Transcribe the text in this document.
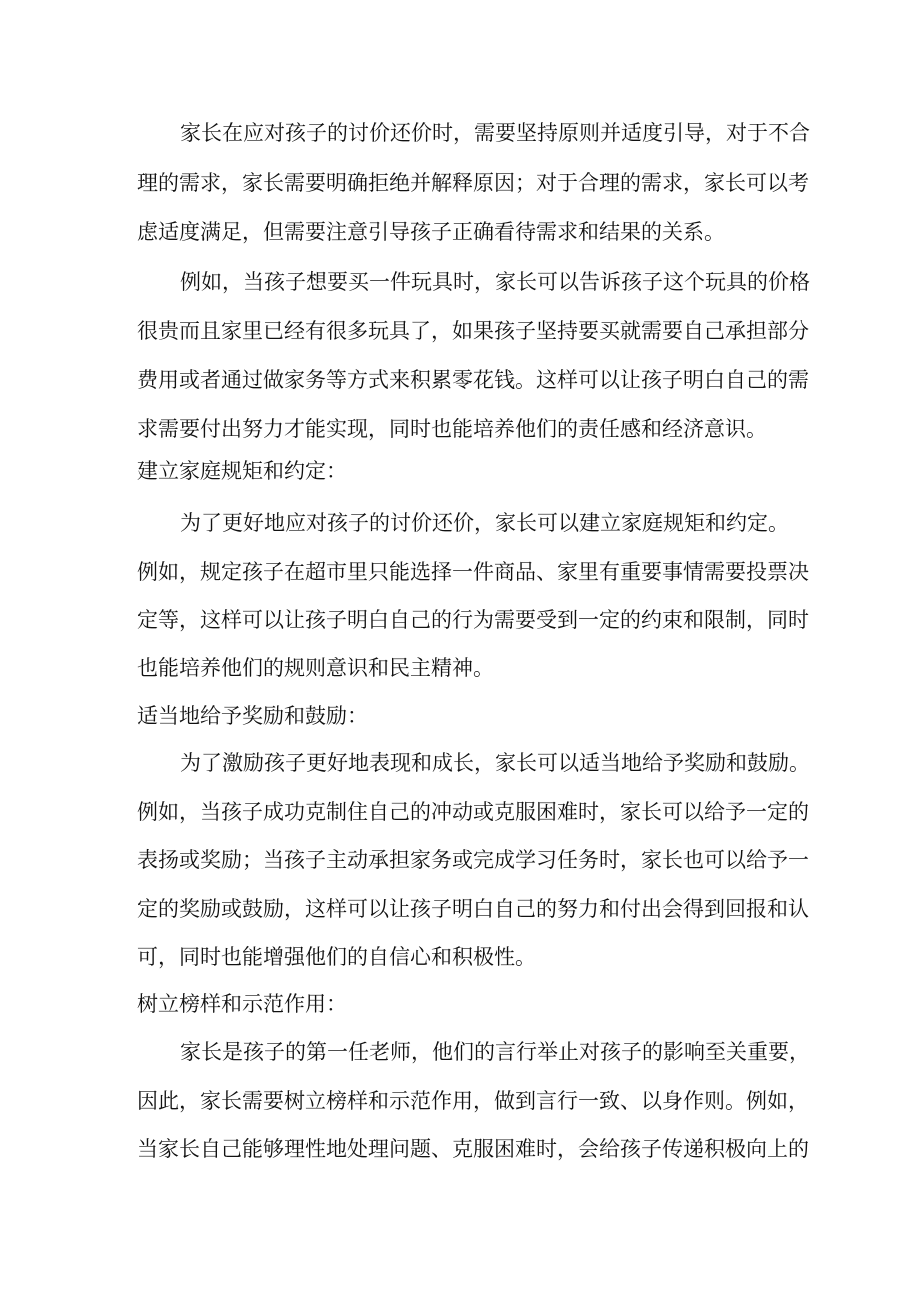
家长在应对孩子的讨价还价时，需要坚持原则并适度引导，对于不合
理的需求，家长需要明确拒绝并解释原因；对于合理的需求，家长可以考
虑适度满足，但需要注意引导孩子正确看待需求和结果的关系。
例如，当孩子想要买一件玩具时，家长可以告诉孩子这个玩具的价格
很贵而且家里已经有很多玩具了，如果孩子坚持要买就需要自己承担部分
费用或者通过做家务等方式来积累零花钱。这样可以让孩子明白自己的需
求需要付出努力才能实现，同时也能培养他们的责任感和经济意识。
建立家庭规矩和约定：
为了更好地应对孩子的讨价还价，家长可以建立家庭规矩和约定。
例如，规定孩子在超市里只能选择一件商品、家里有重要事情需要投票决
定等，这样可以让孩子明白自己的行为需要受到一定的约束和限制，同时
也能培养他们的规则意识和民主精神。
适当地给予奖励和鼓励：
为了激励孩子更好地表现和成长，家长可以适当地给予奖励和鼓励。
例如，当孩子成功克制住自己的冲动或克服困难时，家长可以给予一定的
表扬或奖励；当孩子主动承担家务或完成学习任务时，家长也可以给予一
定的奖励或鼓励，这样可以让孩子明白自己的努力和付出会得到回报和认
可，同时也能增强他们的自信心和积极性。
树立榜样和示范作用：
家长是孩子的第一任老师，他们的言行举止对孩子的影响至关重要，
因此，家长需要树立榜样和示范作用，做到言行一致、以身作则。例如，
当家长自己能够理性地处理问题、克服困难时，会给孩子传递积极向上的
